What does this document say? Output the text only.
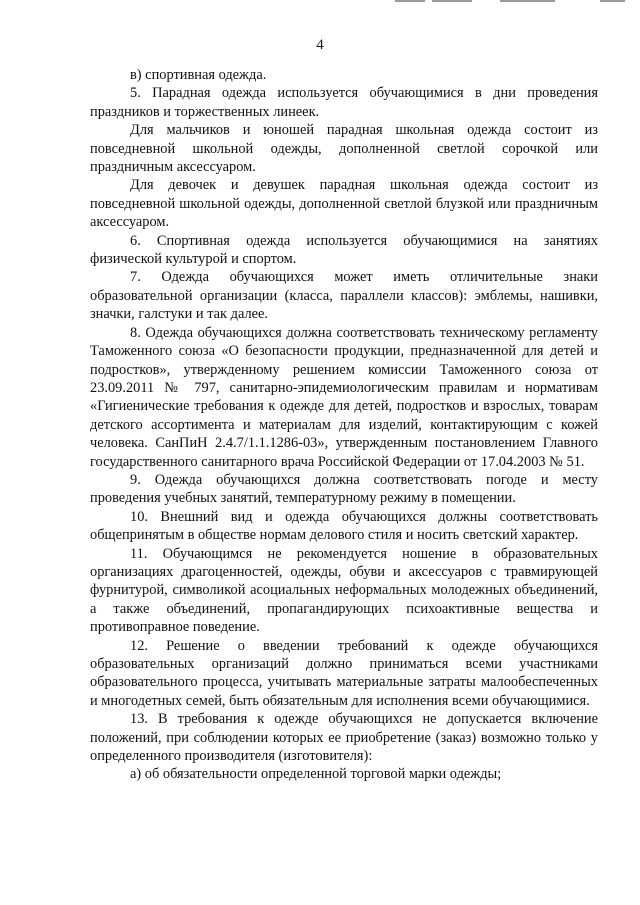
4

в) спортивная одежда.

5. Парадная одежда используется обучающимися в дни проведения праздников и торжественных линеек.

Для мальчиков и юношей парадная школьная одежда состоит из повседневной школьной одежды, дополненной светлой сорочкой или праздничным аксессуаром.

Для девочек и девушек парадная школьная одежда состоит из повседневной школьной одежды, дополненной светлой блузкой или праздничным аксессуаром.

6. Спортивная одежда используется обучающимися на занятиях физической культурой и спортом.

7. Одежда обучающихся может иметь отличительные знаки образовательной организации (класса, параллели классов): эмблемы, нашивки, значки, галстуки и так далее.

8. Одежда обучающихся должна соответствовать техническому регламенту Таможенного союза «О безопасности продукции, предназначенной для детей и подростков», утвержденному решением комиссии Таможенного союза от 23.09.2011 № 797, санитарно-эпидемиологическим правилам и нормативам «Гигиенические требования к одежде для детей, подростков и взрослых, товарам детского ассортимента и материалам для изделий, контактирующим с кожей человека. СанПиН 2.4.7/1.1.1286-03», утвержденным постановлением Главного государственного санитарного врача Российской Федерации от 17.04.2003 № 51.

9. Одежда обучающихся должна соответствовать погоде и месту проведения учебных занятий, температурному режиму в помещении.

10. Внешний вид и одежда обучающихся должны соответствовать общепринятым в обществе нормам делового стиля и носить светский характер.

11. Обучающимся не рекомендуется ношение в образовательных организациях драгоценностей, одежды, обуви и аксессуаров с травмирующей фурнитурой, символикой асоциальных неформальных молодежных объединений, а также объединений, пропагандирующих психоактивные вещества и противоправное поведение.

12. Решение о введении требований к одежде обучающихся образовательных организаций должно приниматься всеми участниками образовательного процесса, учитывать материальные затраты малообеспеченных и многодетных семей, быть обязательным для исполнения всеми обучающимися.

13. В требования к одежде обучающихся не допускается включение положений, при соблюдении которых ее приобретение (заказ) возможно только у определенного производителя (изготовителя):

а) об обязательности определенной торговой марки одежды;
